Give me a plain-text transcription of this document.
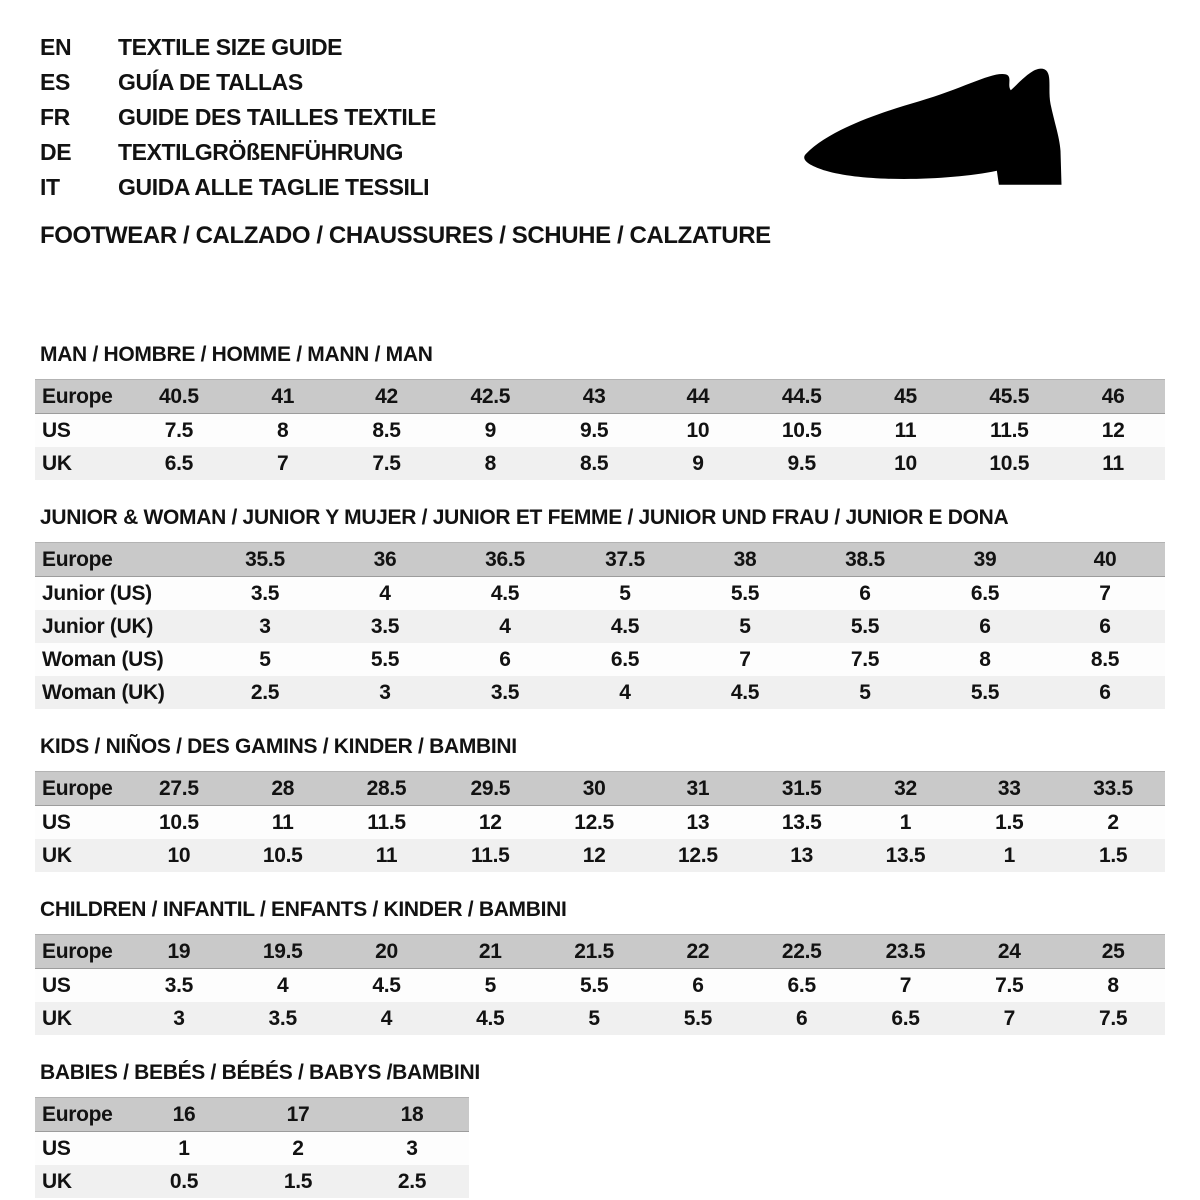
EN	TEXTILE SIZE GUIDE
ES	GUÍA DE TALLAS
FR	GUIDE DES TAILLES TEXTILE
DE	TEXTILGRÖßENFÜHRUNG
IT	GUIDA ALLE TAGLIE TESSILI
FOOTWEAR / CALZADO / CHAUSSURES / SCHUHE / CALZATURE
MAN / HOMBRE / HOMME / MANN / MAN
Europe	40.5	41	42	42.5	43	44	44.5	45	45.5	46
US	7.5	8	8.5	9	9.5	10	10.5	11	11.5	12
UK	6.5	7	7.5	8	8.5	9	9.5	10	10.5	11
JUNIOR & WOMAN / JUNIOR Y MUJER / JUNIOR ET FEMME / JUNIOR UND FRAU / JUNIOR E DONA
Europe	35.5	36	36.5	37.5	38	38.5	39	40
Junior (US)	3.5	4	4.5	5	5.5	6	6.5	7
Junior (UK)	3	3.5	4	4.5	5	5.5	6	6
Woman (US)	5	5.5	6	6.5	7	7.5	8	8.5
Woman (UK)	2.5	3	3.5	4	4.5	5	5.5	6
KIDS / NIÑOS / DES GAMINS / KINDER / BAMBINI
Europe	27.5	28	28.5	29.5	30	31	31.5	32	33	33.5
US	10.5	11	11.5	12	12.5	13	13.5	1	1.5	2
UK	10	10.5	11	11.5	12	12.5	13	13.5	1	1.5
CHILDREN / INFANTIL / ENFANTS / KINDER / BAMBINI
Europe	19	19.5	20	21	21.5	22	22.5	23.5	24	25
US	3.5	4	4.5	5	5.5	6	6.5	7	7.5	8
UK	3	3.5	4	4.5	5	5.5	6	6.5	7	7.5
BABIES / BEBÉS / BÉBÉS / BABYS /BAMBINI
Europe	16	17	18
US	1	2	3
UK	0.5	1.5	2.5
